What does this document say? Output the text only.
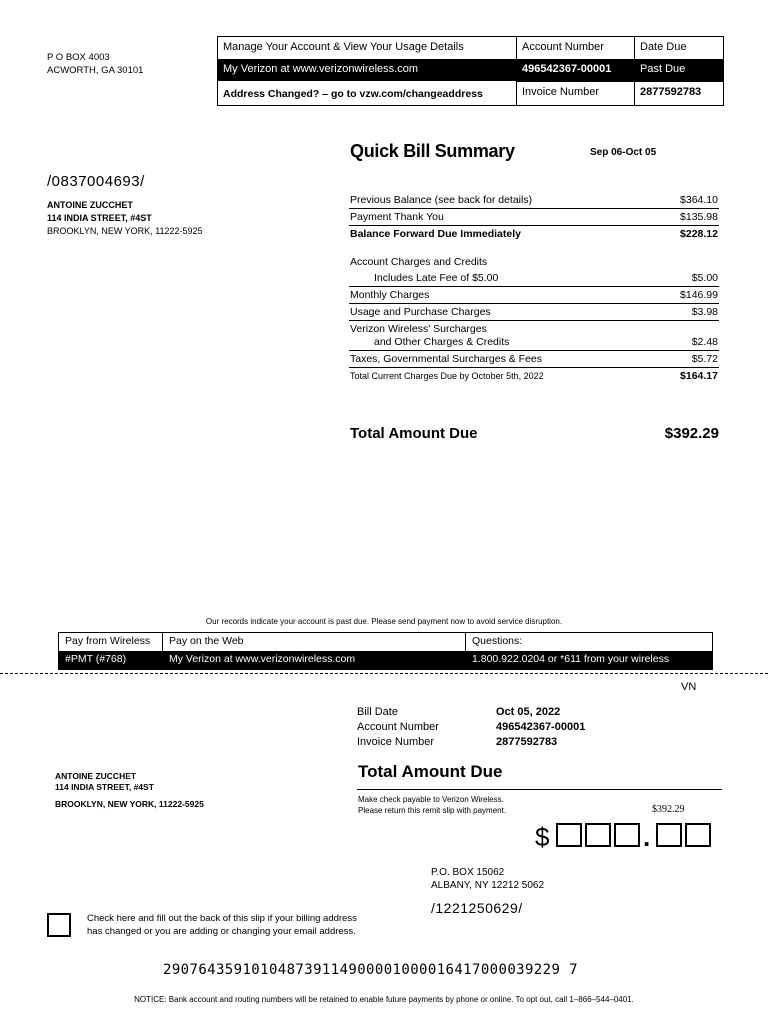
P O BOX 4003
ACWORTH, GA 30101
Manage Your Account & View Your Usage Details	Account Number	Date Due
My Verizon at www.verizonwireless.com	496542367-00001	Past Due
Address Changed? – go to vzw.com/changeaddress	Invoice Number	2877592783
Quick Bill Summary	Sep 06-Oct 05
/0837004693/
ANTOINE ZUCCHET
114 INDIA STREET, #4ST
BROOKLYN, NEW YORK, 11222-5925
Previous Balance (see back for details)	$364.10
Payment Thank You	$135.98
Balance Forward Due Immediately	$228.12
Account Charges and Credits
Includes Late Fee of $5.00	$5.00
Monthly Charges	$146.99
Usage and Purchase Charges	$3.98
Verizon Wireless' Surcharges
and Other Charges & Credits	$2.48
Taxes, Governmental Surcharges & Fees	$5.72
Total Current Charges Due by October 5th, 2022	$164.17
Total Amount Due	$392.29
Our records indicate your account is past due. Please send payment now to avoid service disruption.
Pay from Wireless	Pay on the Web	Questions:
#PMT (#768)	My Verizon at www.verizonwireless.com	1.800.922.0204 or *611 from your wireless
VN
Bill Date	Oct 05, 2022
Account Number	496542367-00001
Invoice Number	2877592783
ANTOINE ZUCCHET
114 INDIA STREET, #4ST
BROOKLYN, NEW YORK, 11222-5925
Total Amount Due
Make check payable to Verizon Wireless.
Please return this remit slip with payment.	$392.29
$	.
P.O. BOX 15062
ALBANY, NY 12212 5062
/1221250629/
Check here and fill out the back of this slip if your billing address
has changed or you are adding or changing your email address.
290764359101048739114900001000016417000039229 7
NOTICE: Bank account and routing numbers will be retained to enable future payments by phone or online. To opt out, call 1–866–544–0401.
